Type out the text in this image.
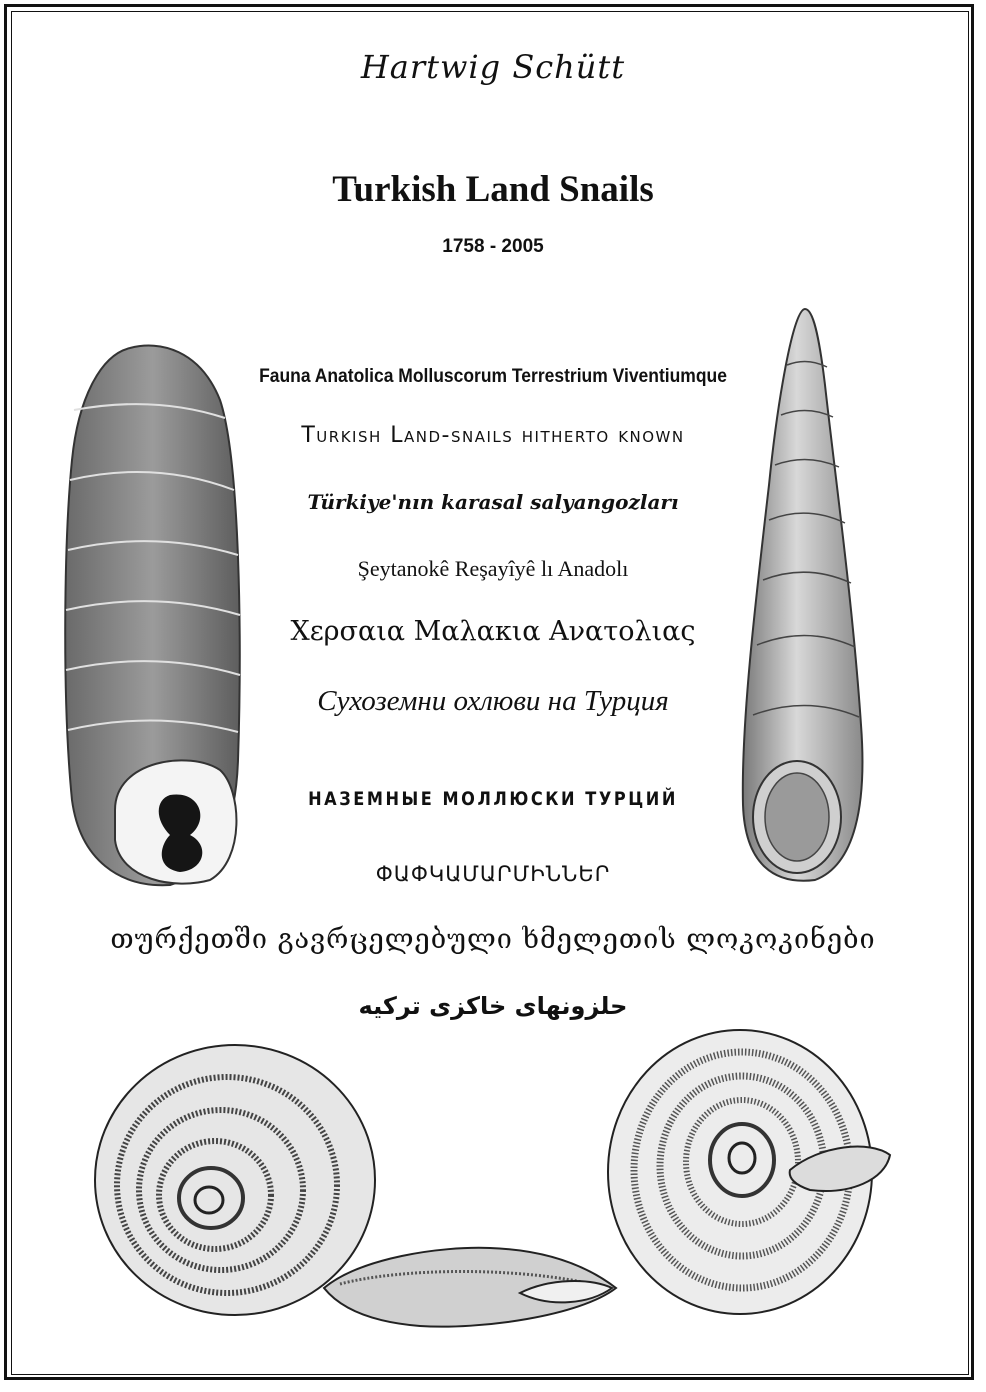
Hartwig Schütt
Turkish Land Snails
1758 - 2005
Fauna Anatolica Molluscorum Terrestrium Viventiumque
Turkish Land-snails hitherto known
Türkiye'nın karasal salyangozları
Şeytanokê Reşayîyê lı Anadolı
Χερσαια Μαλακια Ανατολιας
Сухоземни охлюви на Турция
НАЗЕМНЫЕ МОЛЛЮСКИ ТУРЦИЙ
ՓԱՓԿԱՄԱՐՄԻՆՆԵՐ
თურქეთში გავრცელებული ხმელეთის ლოკოკინები
حلزونهای خاکزی ترکیه
